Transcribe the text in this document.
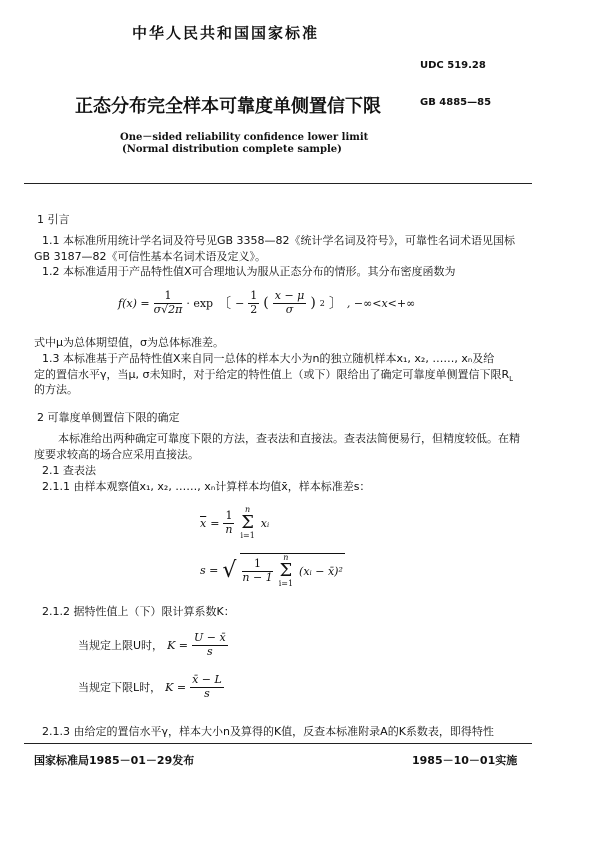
中华人民共和国国家标准
UDC 519.28
正态分布完全样本可靠度单侧置信下限	GB 4885—85
One－sided reliability confidence lower limit
(Normal distribution complete sample)
1 引言
1.1 本标准所用统计学名词及符号见GB 3358—82《统计学名词及符号》，可靠性名词术语见国标
GB 3187—82《可信性基本名词术语及定义》。
1.2 本标准适用于产品特性值X可合理地认为服从正态分布的情形。其分布密度函数为
$f(x) = \frac{1}{\sigma√2\pi} \cdot \exp$ 〔 − $\frac{1}{2}$ ( $\frac{x - \mu}{\sigma}$ ) 2 〕 , −∞<x<+∞
式中μ为总体期望值，σ为总体标准差。
1.3 本标准基于产品特性值X来自同一总体的样本大小为n的独立随机样本x₁, x₂, ……, xₙ及给
定的置信水平γ，当μ, σ未知时，对于给定的特性值上（或下）限给出了确定可靠度单侧置信下限$R_L$
的方法。
2 可靠度单侧置信下限的确定
本标准给出两种确定可靠度下限的方法，查表法和直接法。查表法简便易行，但精度较低。在精
度要求较高的场合应采用直接法。
2.1 查表法
2.1.1 由样本观察值x₁, x₂, ……, xₙ计算样本均值x̄，样本标准差s：
$\overline{x} = \frac{1}{n}$
n
Σ
i=1
xᵢ
s = √ $\frac{1}{n - 1}$
n
Σ
i=1
(xᵢ − x̄)²
2.1.2 据特性值上（下）限计算系数K：
当规定上限U时， $K = \frac{U - x̄}{s}$
当规定下限L时， $K = \frac{x̄ - L}{s}$
2.1.3 由给定的置信水平γ，样本大小n及算得的K值，反查本标准附录A的K系数表，即得特性
国家标准局1985－01－29发布	1985－10－01实施
